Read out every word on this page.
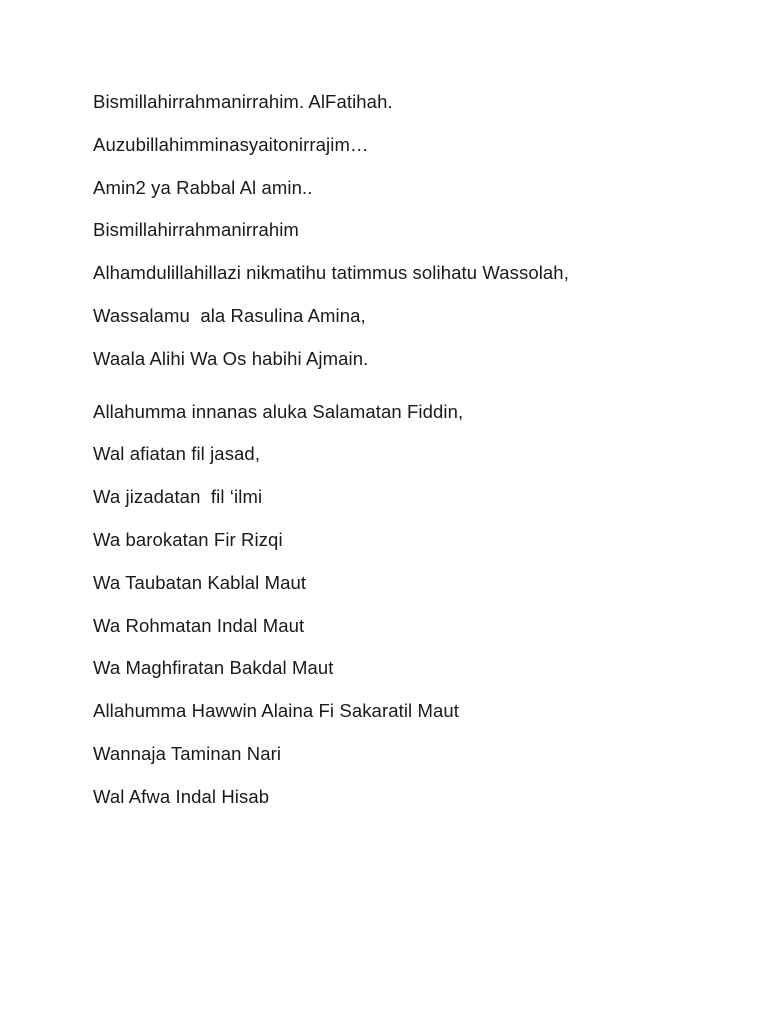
Bismillahirrahmanirrahim. AlFatihah.
Auzubillahimminasyaitonirrajim…
Amin2 ya Rabbal Al amin..
Bismillahirrahmanirrahim
Alhamdulillahillazi nikmatihu tatimmus solihatu Wassolah,
Wassalamu  ala Rasulina Amina,
Waala Alihi Wa Os habihi Ajmain.
Allahumma innanas aluka Salamatan Fiddin,
Wal afiatan fil jasad,
Wa jizadatan  fil ‘ilmi
Wa barokatan Fir Rizqi
Wa Taubatan Kablal Maut
Wa Rohmatan Indal Maut
Wa Maghfiratan Bakdal Maut
Allahumma Hawwin Alaina Fi Sakaratil Maut
Wannaja Taminan Nari
Wal Afwa Indal Hisab
